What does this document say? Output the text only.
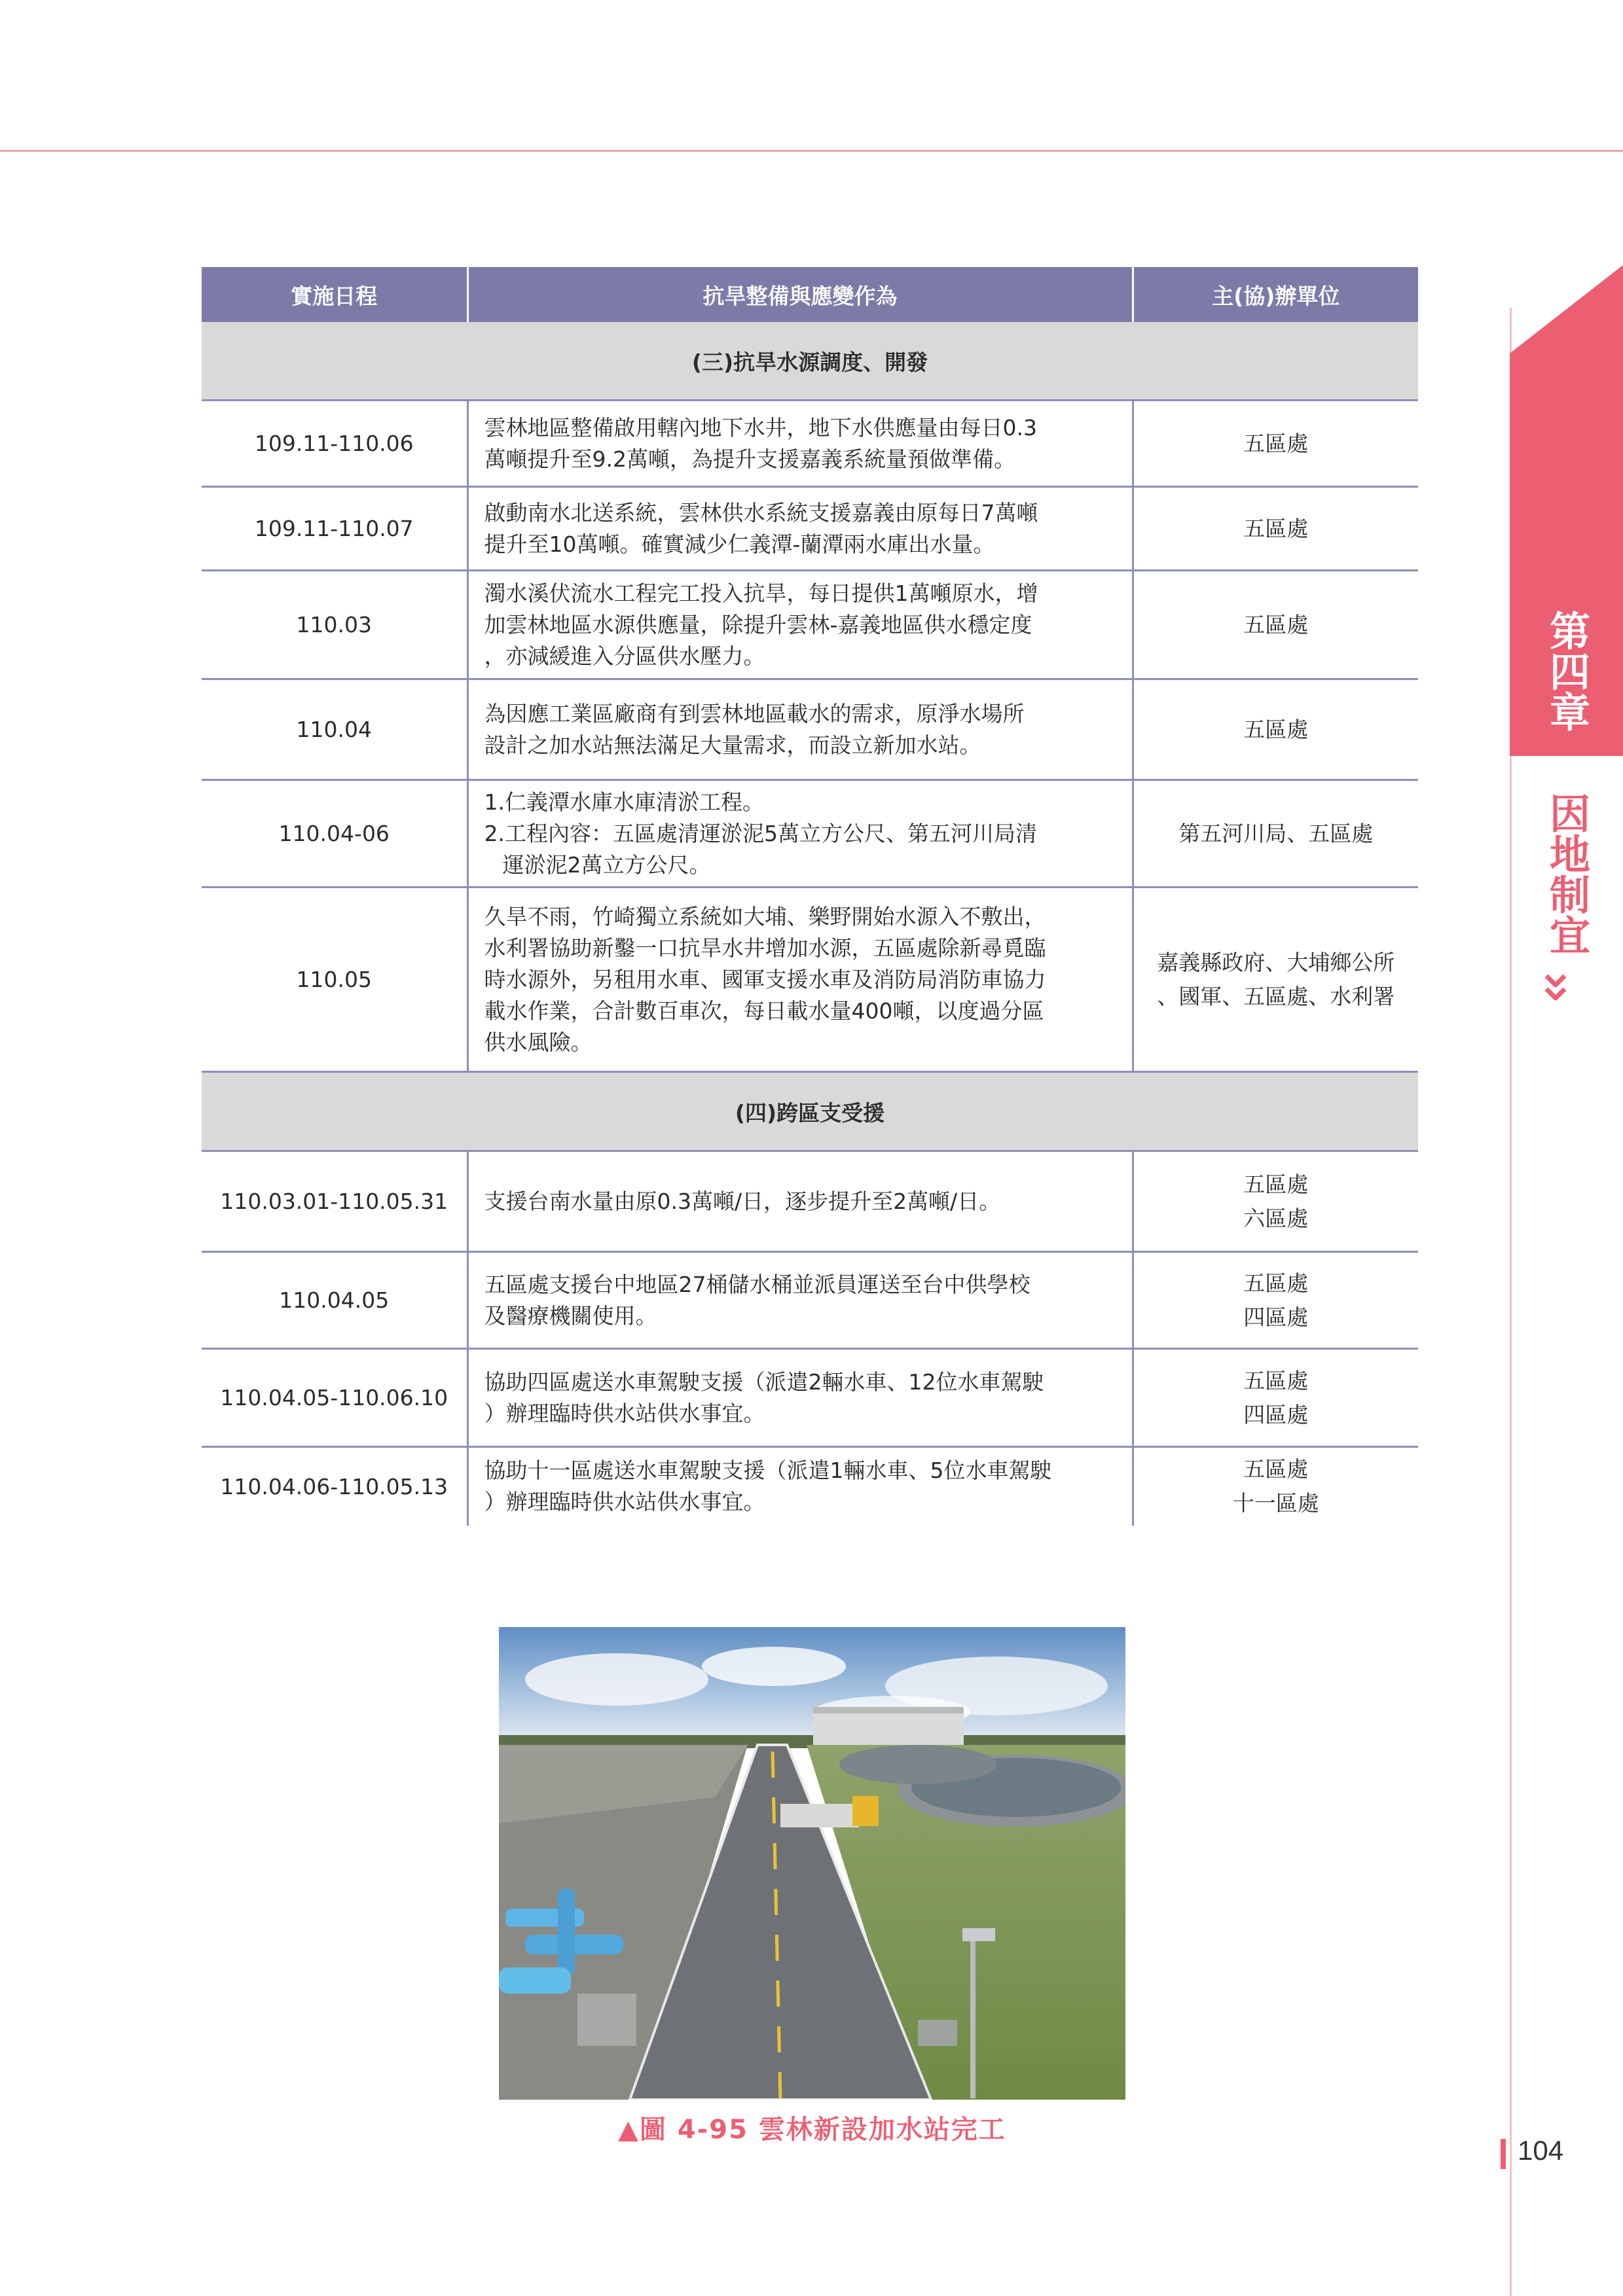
第四章
因地制宜
實施日程	抗旱整備與應變作為	主(協)辦單位
(三)抗旱水源調度、開發		
109.11-110.06	雲林地區整備啟用轄內地下水井，地下水供應量由每日0.3
萬噸提升至9.2萬噸，為提升支援嘉義系統量預做準備。	五區處

109.11-110.07	啟動南水北送系統，雲林供水系統支援嘉義由原每日7萬噸
提升至10萬噸。確實減少仁義潭-蘭潭兩水庫出水量。	五區處

110.03	濁水溪伏流水工程完工投入抗旱，每日提供1萬噸原水，增
加雲林地區水源供應量，除提升雲林-嘉義地區供水穩定度
，亦減緩進入分區供水壓力。	五區處

110.04	為因應工業區廠商有到雲林地區載水的需求，原淨水場所
設計之加水站無法滿足大量需求，而設立新加水站。	五區處

110.04-06	1.仁義潭水庫水庫清淤工程。
2.工程內容：五區處清運淤泥5萬立方公尺、第五河川局清
運淤泥2萬立方公尺。	第五河川局、五區處

110.05	久旱不雨，竹崎獨立系統如大埔、樂野開始水源入不敷出，
水利署協助新鑿一口抗旱水井增加水源，五區處除新尋覓臨
時水源外，另租用水車、國軍支援水車及消防局消防車協力
載水作業，合計數百車次，每日載水量400噸，以度過分區
供水風險。	嘉義縣政府、大埔鄉公所
、國軍、五區處、水利署

(四)跨區支受援		
110.03.01-110.05.31	支援台南水量由原0.3萬噸/日，逐步提升至2萬噸/日。	五區處
六區處

110.04.05	五區處支援台中地區27桶儲水桶並派員運送至台中供學校
及醫療機關使用。	五區處
四區處

110.04.05-110.06.10	協助四區處送水車駕駛支援（派遣2輛水車、12位水車駕駛
）辦理臨時供水站供水事宜。	五區處
四區處

110.04.06-110.05.13	協助十一區處送水車駕駛支援（派遣1輛水車、5位水車駕駛
）辦理臨時供水站供水事宜。	五區處
十一區處
▲圖 4-95 雲林新設加水站完工
104
